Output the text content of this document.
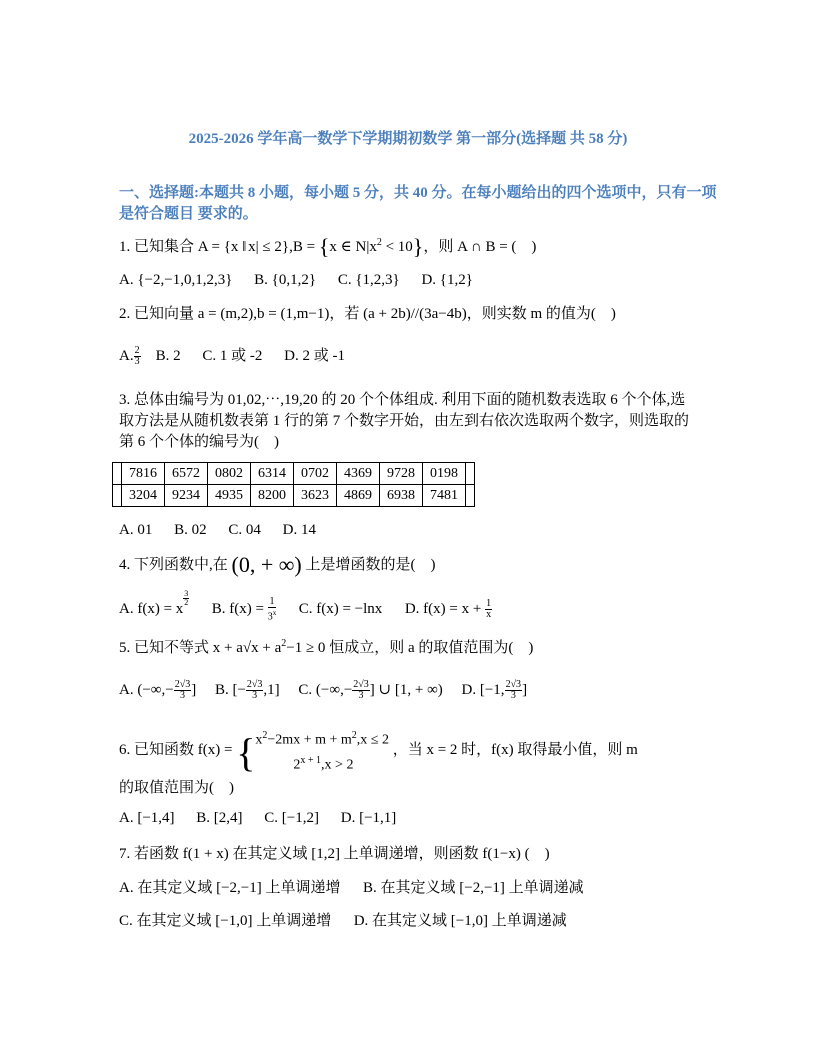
2025-2026 学年高一数学下学期期初数学 第一部分(选择题 共 58 分)
一、选择题:本题共 8 小题，每小题 5 分，共 40 分。在每小题给出的四个选项中，只有一项是符合题目 要求的。
1. 已知集合 A = {x ‖ x| ≤ 2},B = {x ∈ $N|x^2 < 10$}，则 A ∩ B = (　)
A. {−2,−1,0,1,2,3} B. {0,1,2} C. {1,2,3} D. {1,2}
2. 已知向量 a = (m,2),b = (1,m−1)，若 (a + 2b)//(3a−4b)，则实数 m 的值为(　)
A. $\frac{2}{3} B$. 2 C. 1 或 -2 D. 2 或 -1
3. 总体由编号为 01,02,⋯,19,20 的 20 个个体组成. 利用下面的随机数表选取 6 个个体,选取方法是从随机数表第 1 行的第 7 个数字开始，由左到右依次选取两个数字，则选取的第 6 个个体的编号为(　)
	7816	6572	0802	6314	0702	4369	9728	0198	
	3204	9234	4935	8200	3623	4869	6938	7481	
A. 01 B. 02 C. 04 D. 14
4. 下列函数中,在 (0, + ∞) 上是增函数的是(　)
A. f(x) = x
$\frac{3}{2}$
B. $f(x) = \frac{1}{3^x} C$. f(x) = −lnx D. $f(x) = x + \frac{1}{x}$
5. 已知不等式 $x + a√x + a^2-1 \ge 0$ 恒成立，则 a 的取值范围为(　)
A. (−∞,− $\frac{2√3}{3}$ ] B. [− $\frac{2√3}{3} ,1$] C. (−∞,− $\frac{2√3}{3}$ ] ∪ [1, + ∞) D. [−1, $\frac{2√3}{3}$ ]
6. 已知函数 f(x) = { $x^2-2mx + m + m^2,x \le 2$
$2^{x + 1},x > 2$
，当 x = 2 时，f(x) 取得最小值，则 m
的取值范围为(　)
A. [−1,4] B. [2,4] C. [−1,2] D. [−1,1]
7. 若函数 f(1 + x) 在其定义域 [1,2] 上单调递增，则函数 f(1−x) (　)
A. 在其定义域 [−2,−1] 上单调递增 B. 在其定义域 [−2,−1] 上单调递减
C. 在其定义域 [−1,0] 上单调递增 D. 在其定义域 [−1,0] 上单调递减
